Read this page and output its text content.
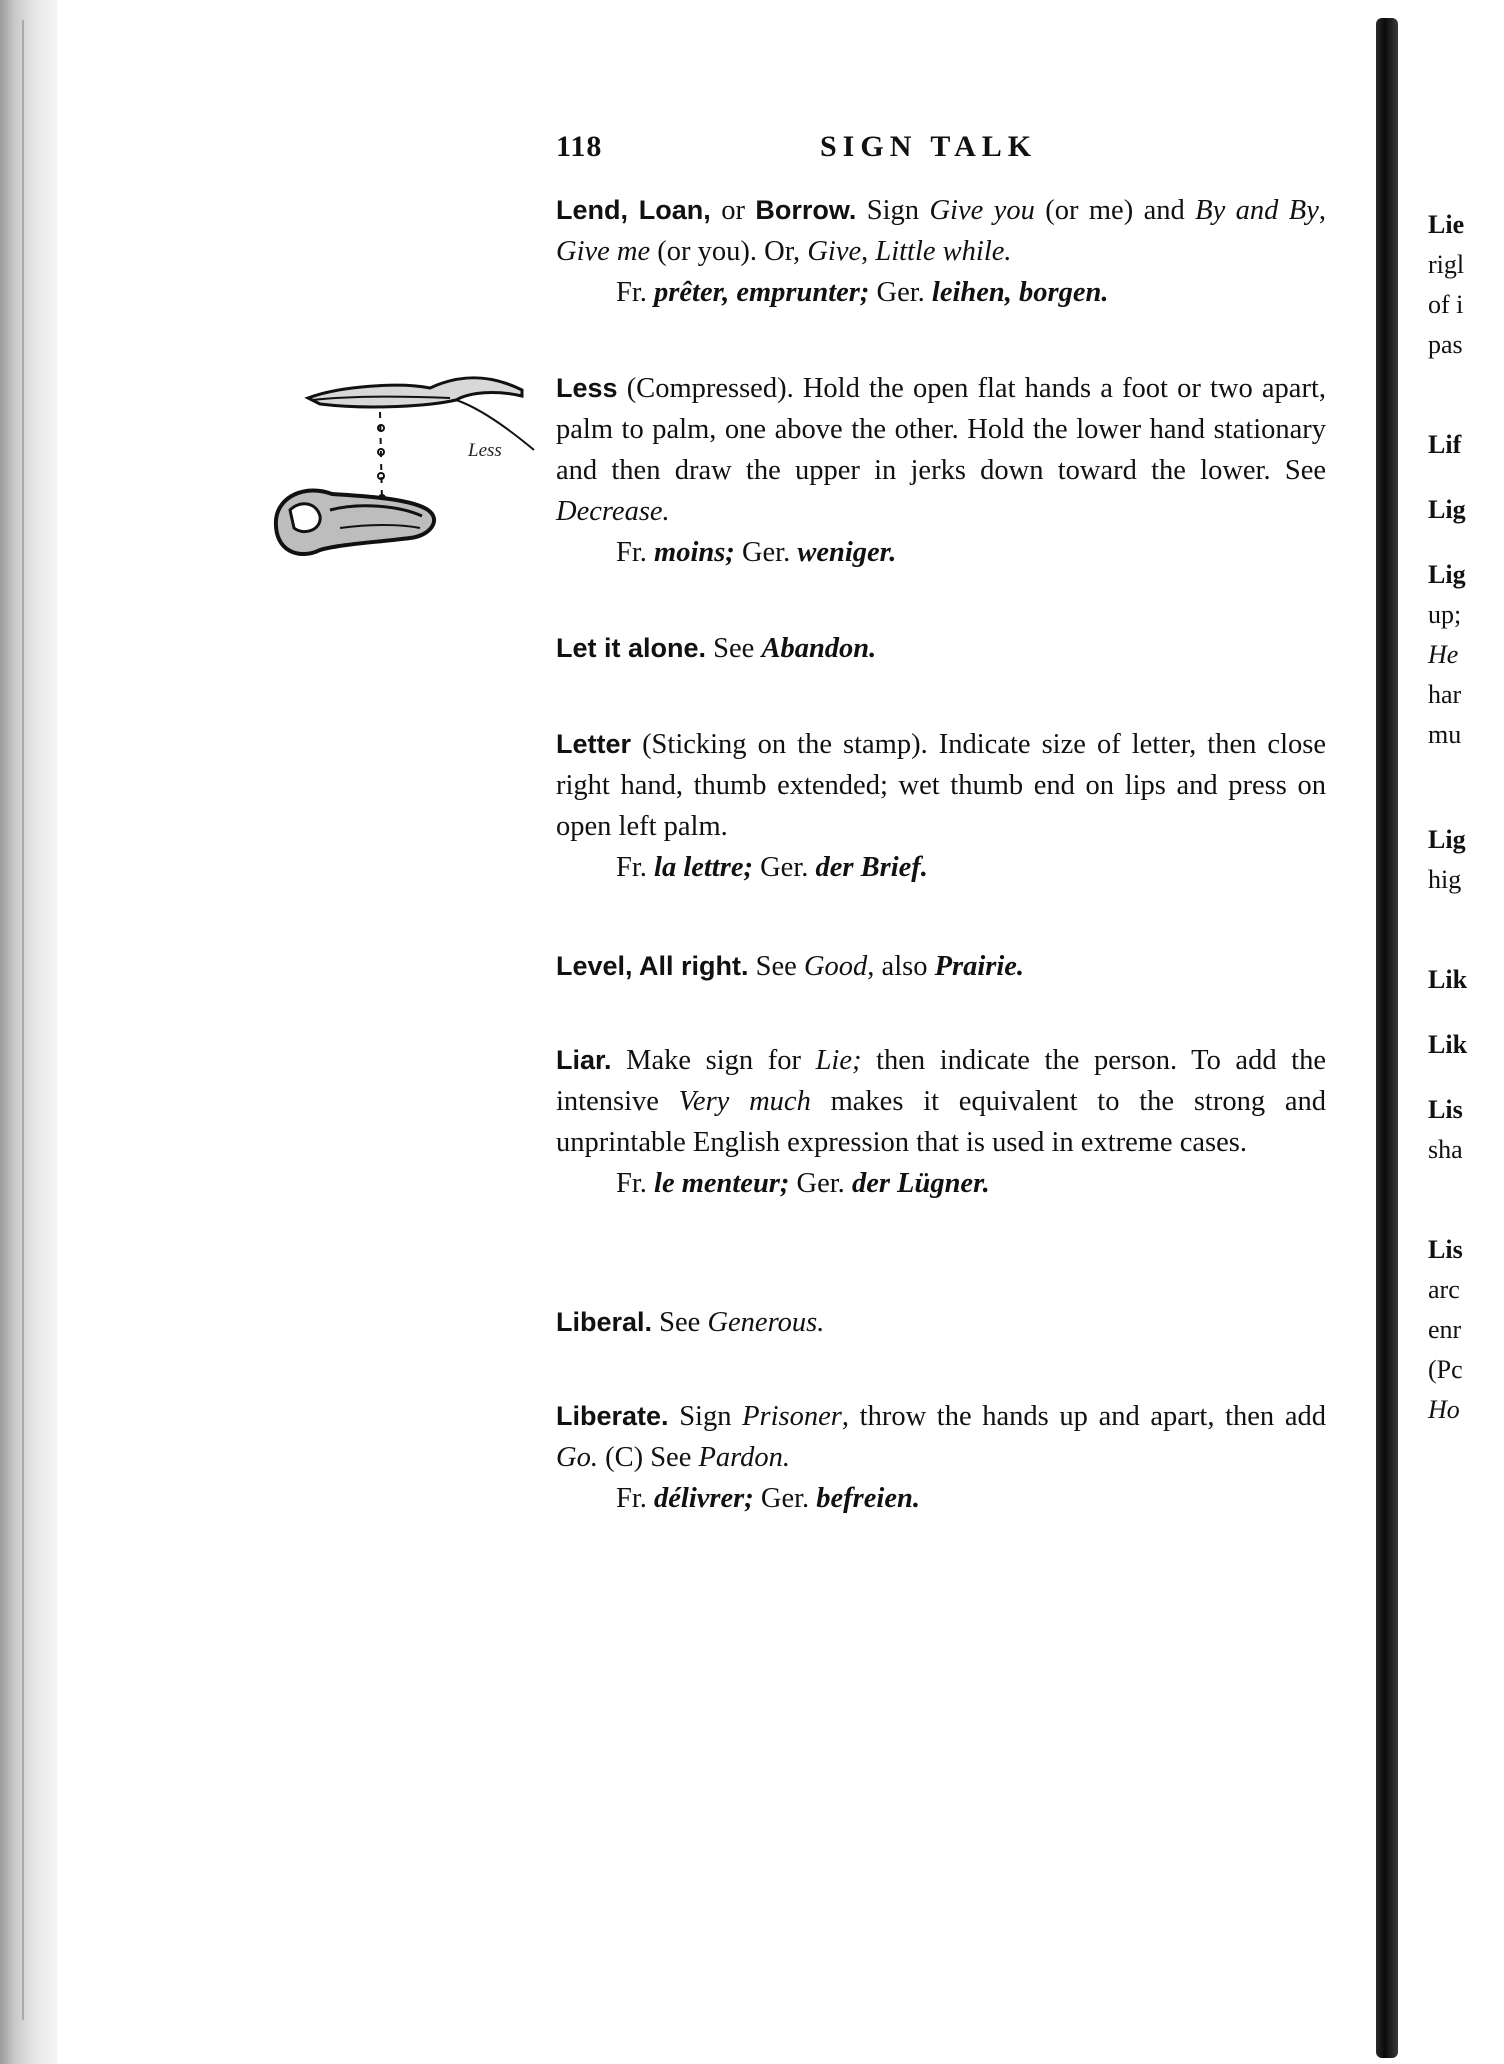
118	SIGN TALK
Less
Lend, Loan, or Borrow. Sign Give you (or me) and By and By, Give me (or you). Or, Give, Little while.
Fr. prêter, emprunter; Ger. leihen, borgen.
Less (Compressed). Hold the open flat hands a foot or two apart, palm to palm, one above the other. Hold the lower hand stationary and then draw the upper in jerks down toward the lower. See Decrease.
Fr. moins; Ger. weniger.
Let it alone. See Abandon.
Letter (Sticking on the stamp). Indicate size of letter, then close right hand, thumb extended; wet thumb end on lips and press on open left palm.
Fr. la lettre; Ger. der Brief.
Level, All right. See Good, also Prairie.
Liar. Make sign for Lie; then indicate the person. To add the intensive Very much makes it equivalent to the strong and unprintable English expression that is used in extreme cases.
Fr. le menteur; Ger. der Lügner.
Liberal. See Generous.
Liberate. Sign Prisoner, throw the hands up and apart, then add Go. (C) See Pardon.
Fr. délivrer; Ger. befreien.
Lie
rigl
of i
pas
Lif
Lig
Lig
up;
He
har
mu
Lig
hig
Lik
Lik
Lis
sha
Lis
arc
enr
(Pc
Ho
